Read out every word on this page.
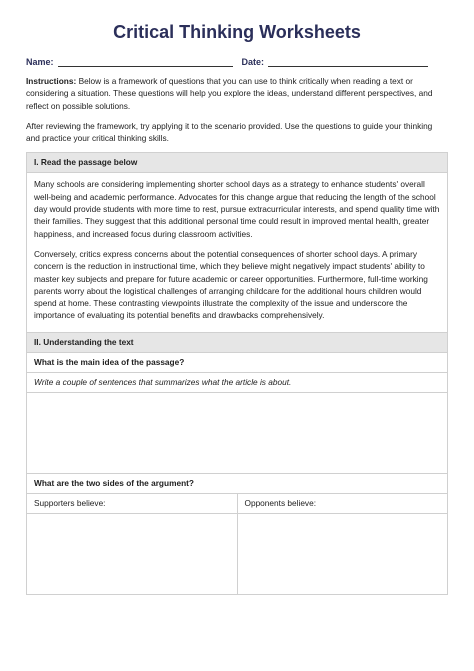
Critical Thinking Worksheets
Name:	Date:

Instructions: Below is a framework of questions that you can use to think critically when reading a text or considering a situation. These questions will help you explore the ideas, understand different perspectives, and reflect on possible solutions.

After reviewing the framework, try applying it to the scenario provided. Use the questions to guide your thinking and practice your critical thinking skills.

I. Read the passage below

Many schools are considering implementing shorter school days as a strategy to enhance students' overall well-being and academic performance. Advocates for this change argue that reducing the length of the school day would provide students with more time to rest, pursue extracurricular interests, and spend quality time with their families. They suggest that this additional personal time could result in improved mental health, greater happiness, and increased focus during classroom activities.

Conversely, critics express concerns about the potential consequences of shorter school days. A primary concern is the reduction in instructional time, which they believe might negatively impact students' ability to master key subjects and prepare for future academic or career opportunities. Furthermore, full-time working parents worry about the logistical challenges of arranging childcare for the additional hours children would spend at home. These contrasting viewpoints illustrate the complexity of the issue and underscore the importance of evaluating its potential benefits and drawbacks comprehensively.

II. Understanding the text
What is the main idea of the passage?
Write a couple of sentences that summarizes what the article is about.
What are the two sides of the argument?
Supporters believe:	Opponents believe:
